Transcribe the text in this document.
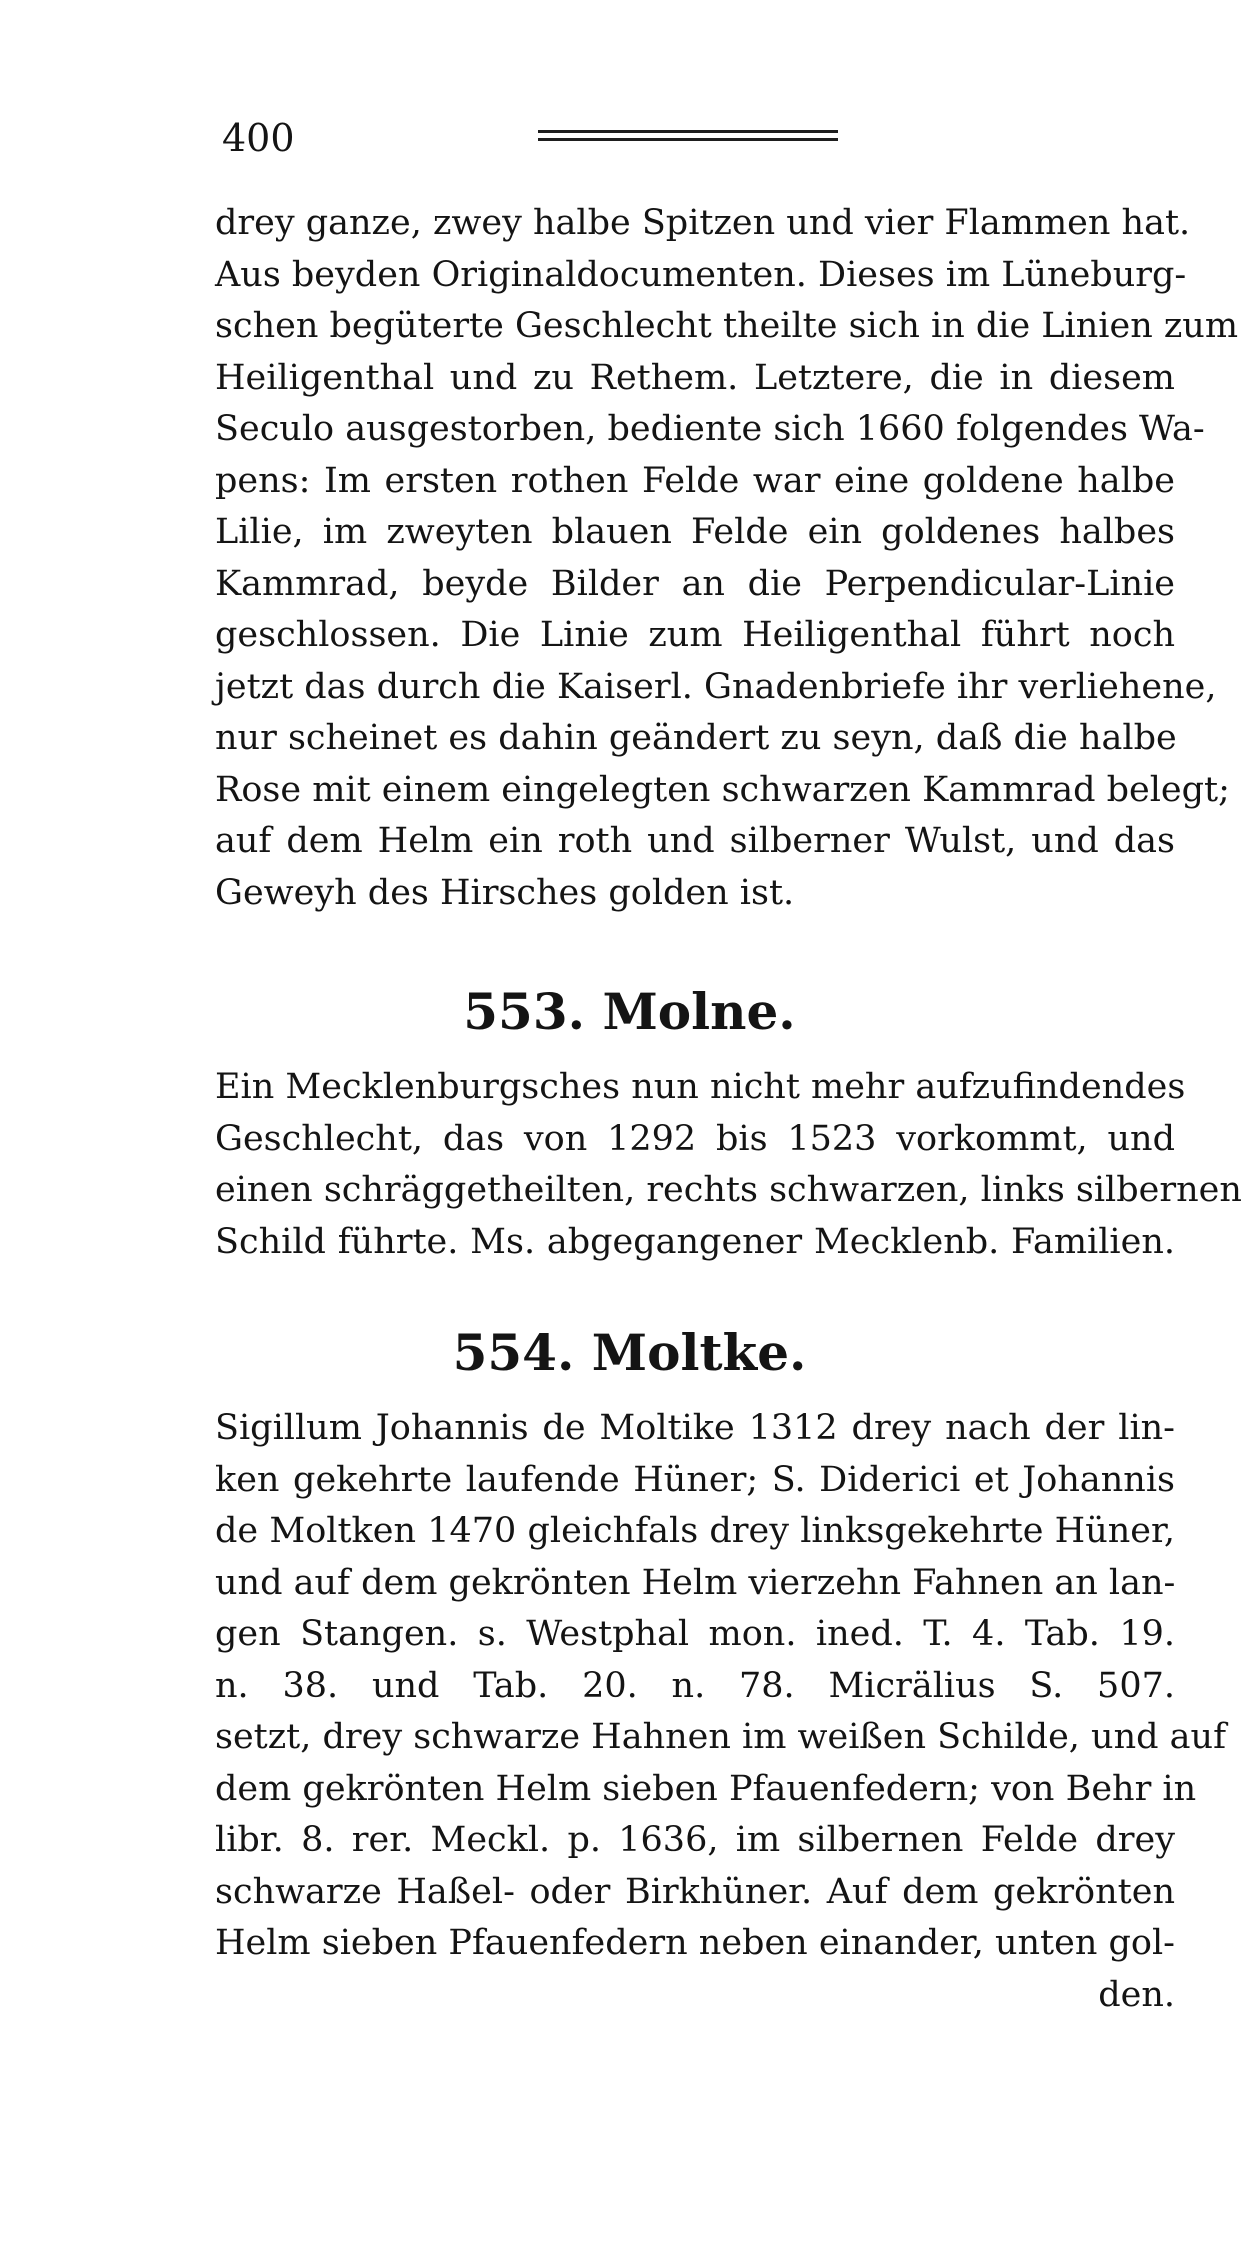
400
drey ganze, zwey halbe Spitzen und vier Flammen hat.
Aus beyden Originaldocumenten. Dieses im Lüneburg-
schen begüterte Geschlecht theilte sich in die Linien zum
Heiligenthal und zu Rethem. Letztere, die in diesem
Seculo ausgestorben, bediente sich 1660 folgendes Wa-
pens: Im ersten rothen Felde war eine goldene halbe
Lilie, im zweyten blauen Felde ein goldenes halbes
Kammrad, beyde Bilder an die Perpendicular-Linie
geschlossen. Die Linie zum Heiligenthal führt noch
jetzt das durch die Kaiserl. Gnadenbriefe ihr verliehene,
nur scheinet es dahin geändert zu seyn, daß die halbe
Rose mit einem eingelegten schwarzen Kammrad belegt;
auf dem Helm ein roth und silberner Wulst, und das
Geweyh des Hirsches golden ist.
553. Molne.
Ein Mecklenburgsches nun nicht mehr aufzufindendes
Geschlecht, das von 1292 bis 1523 vorkommt, und
einen schräggetheilten, rechts schwarzen, links silbernen
Schild führte. Ms. abgegangener Mecklenb. Familien.
554. Moltke.
Sigillum Johannis de Moltike 1312 drey nach der lin-
ken gekehrte laufende Hüner; S. Diderici et Johannis
de Moltken 1470 gleichfals drey linksgekehrte Hüner,
und auf dem gekrönten Helm vierzehn Fahnen an lan-
gen Stangen. s. Westphal mon. ined. T. 4. Tab. 19.
n. 38. und Tab. 20. n. 78. Micrälius S. 507.
setzt, drey schwarze Hahnen im weißen Schilde, und auf
dem gekrönten Helm sieben Pfauenfedern; von Behr in
libr. 8. rer. Meckl. p. 1636, im silbernen Felde drey
schwarze Haßel- oder Birkhüner. Auf dem gekrönten
Helm sieben Pfauenfedern neben einander, unten gol-
den.
